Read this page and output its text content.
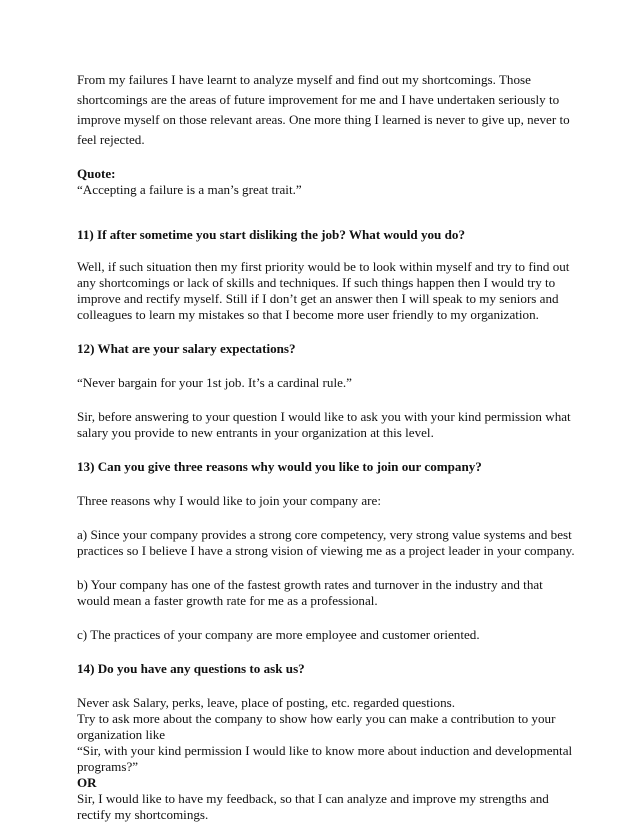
From my failures I have learnt to analyze myself and find out my shortcomings. Those shortcomings are the areas of future improvement for me and I have undertaken seriously to improve myself on those relevant areas. One more thing I learned is never to give up, never to feel rejected.

Quote:

“Accepting a failure is a man’s great trait.”

11) If after sometime you start disliking the job? What would you do?

Well, if such situation then my first priority would be to look within myself and try to find out any shortcomings or lack of skills and techniques. If such things happen then I would try to improve and rectify myself. Still if I don’t get an answer then I will speak to my seniors and colleagues to learn my mistakes so that I become more user friendly to my organization.

12) What are your salary expectations?

“Never bargain for your 1st job. It’s a cardinal rule.”

Sir, before answering to your question I would like to ask you with your kind permission what salary you provide to new entrants in your organization at this level.

13) Can you give three reasons why would you like to join our company?

Three reasons why I would like to join your company are:

a) Since your company provides a strong core competency, very strong value systems and best practices so I believe I have a strong vision of viewing me as a project leader in your company.

b) Your company has one of the fastest growth rates and turnover in the industry and that would mean a faster growth rate for me as a professional.

c) The practices of your company are more employee and customer oriented.

14) Do you have any questions to ask us?

Never ask Salary, perks, leave, place of posting, etc. regarded questions.

Try to ask more about the company to show how early you can make a contribution to your organization like

“Sir, with your kind permission I would like to know more about induction and developmental programs?”

OR

Sir, I would like to have my feedback, so that I can analyze and improve my strengths and rectify my shortcomings.
